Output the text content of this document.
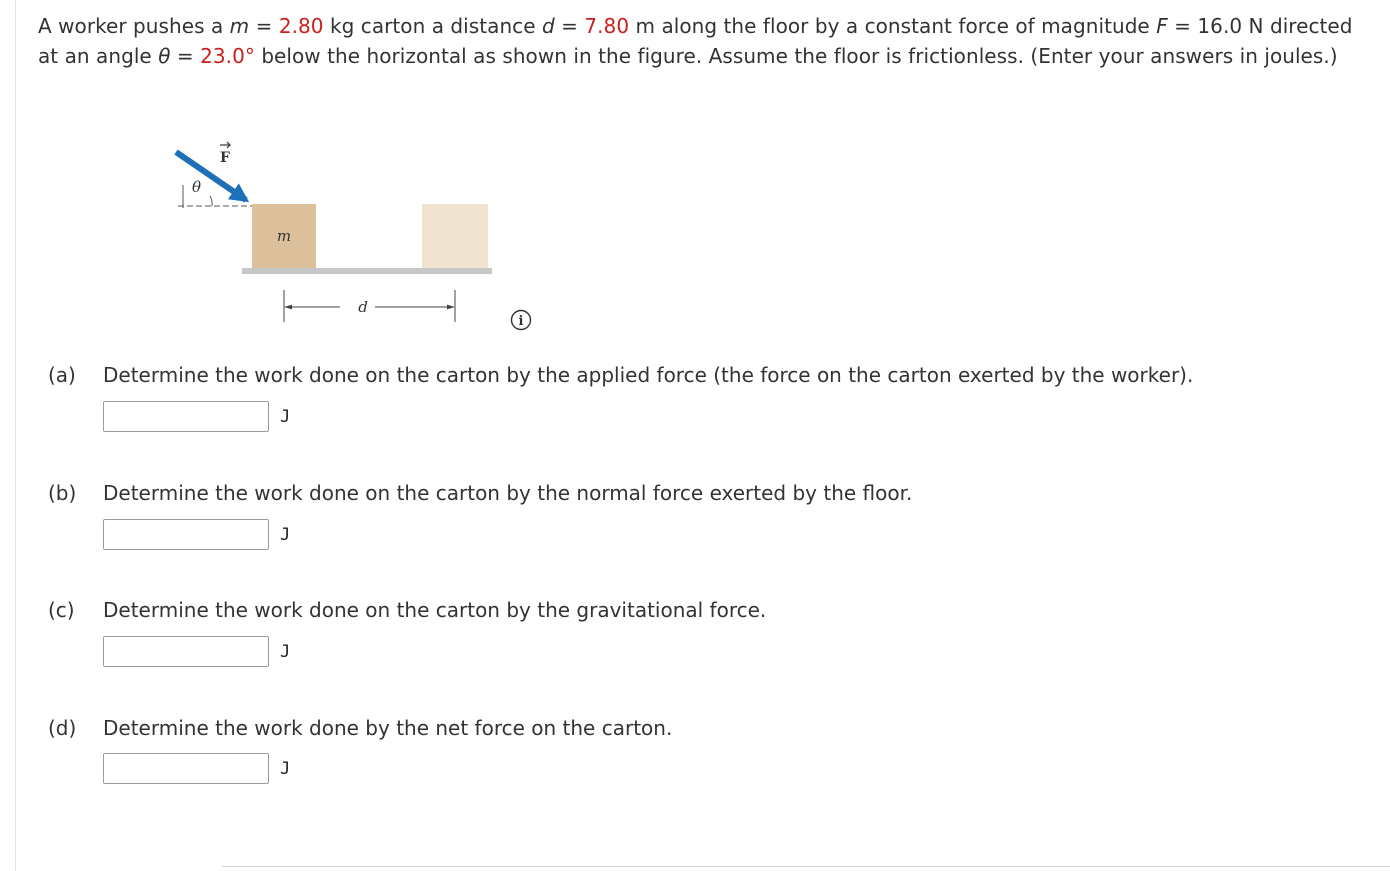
A worker pushes a m = 2.80 kg carton a distance d = 7.80 m along the floor by a constant force of magnitude F = 16.0 N directed at an angle θ = 23.0° below the horizontal as shown in the figure. Assume the floor is frictionless. (Enter your answers in joules.)
θ
F
m
d
i
(a)	Determine the work done on the carton by the applied force (the force on the carton exerted by the worker).
J
(b)	Determine the work done on the carton by the normal force exerted by the floor.
J
(c)	Determine the work done on the carton by the gravitational force.
J
(d)	Determine the work done by the net force on the carton.
J
